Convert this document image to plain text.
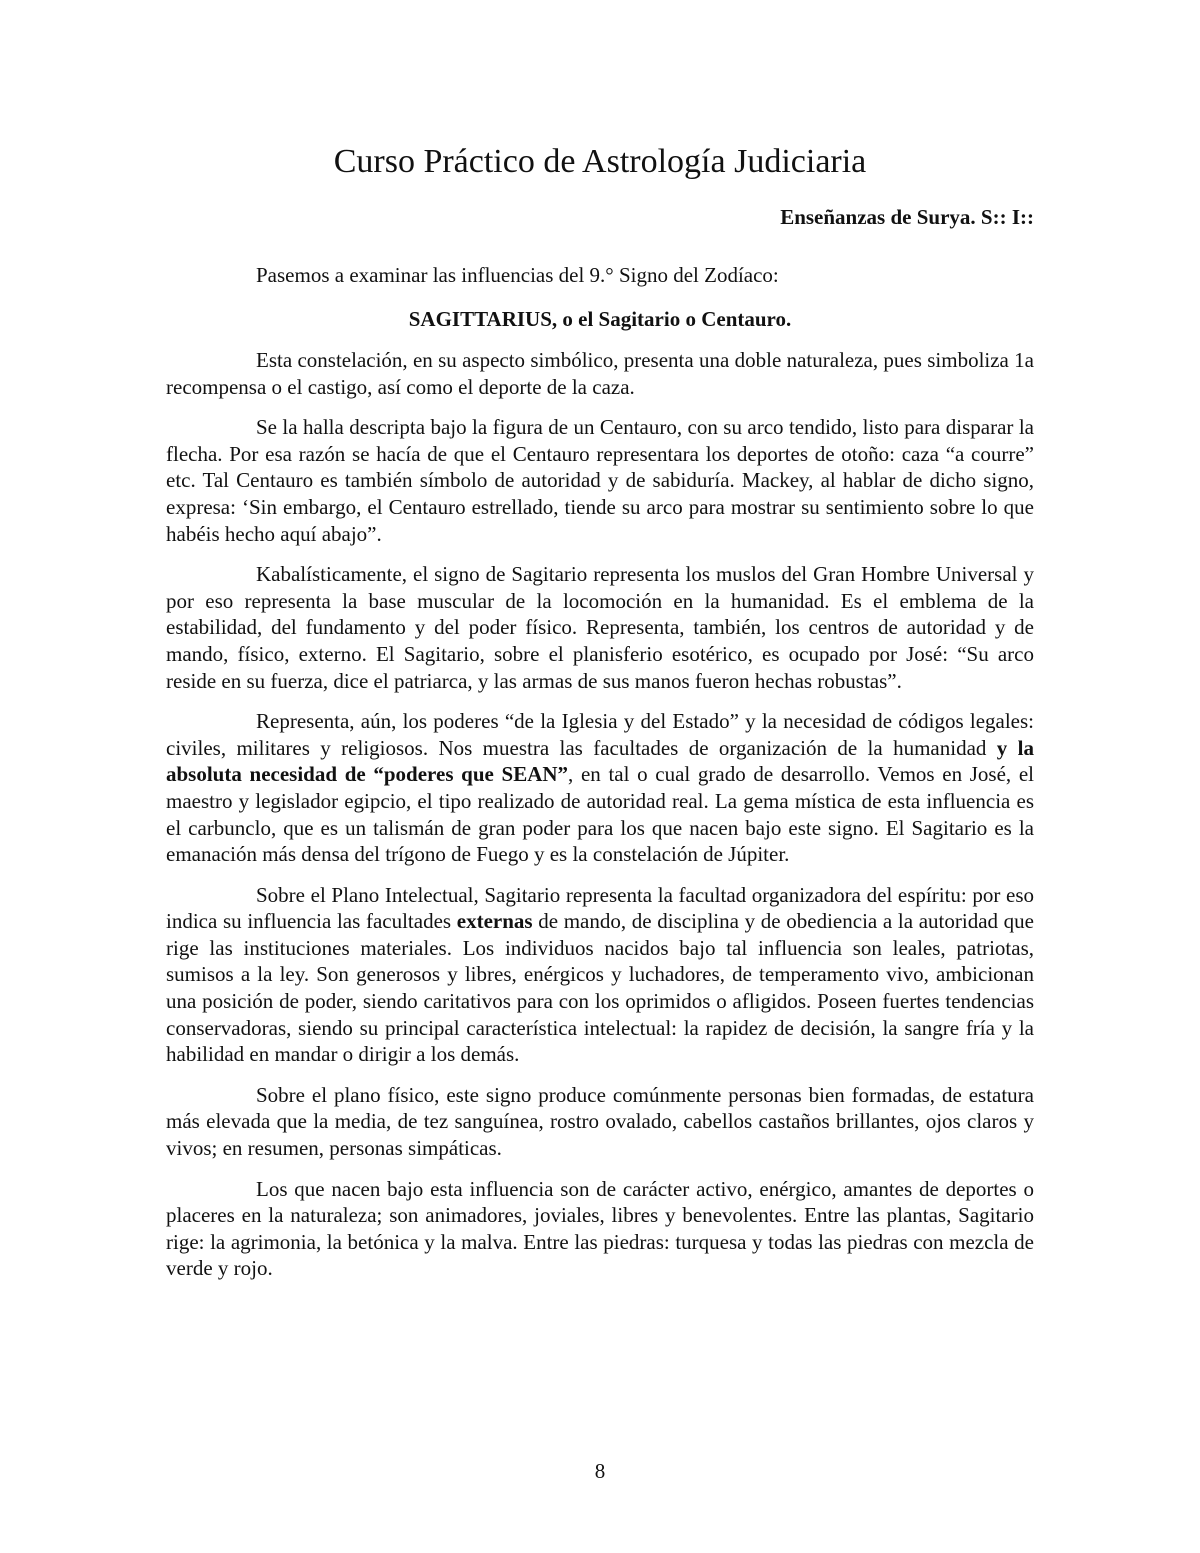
Curso Práctico de Astrología Judiciaria

Enseñanzas de Surya. S:: I::

Pasemos a examinar las influencias del 9.° Signo del Zodíaco:

SAGITTARIUS, o el Sagitario o Centauro.

Esta constelación, en su aspecto simbólico, presenta una doble naturaleza, pues simboliza 1a recompensa o el castigo, así como el deporte de la caza.

Se la halla descripta bajo la figura de un Centauro, con su arco tendido, listo para disparar la flecha. Por esa razón se hacía de que el Centauro representara los deportes de otoño: caza “a courre” etc. Tal Centauro es también símbolo de autoridad y de sabiduría. Mackey, al hablar de dicho signo, expresa: ‘Sin embargo, el Centauro estrellado, tiende su arco para mostrar su sentimiento sobre lo que habéis hecho aquí abajo”.

Kabalísticamente, el signo de Sagitario representa los muslos del Gran Hombre Universal y por eso representa la base muscular de la locomoción en la humanidad. Es el emblema de la estabilidad, del fundamento y del poder físico. Representa, también, los centros de autoridad y de mando, físico, externo. El Sagitario, sobre el planisferio esotérico, es ocupado por José: “Su arco reside en su fuerza, dice el patriarca, y las armas de sus manos fueron hechas robustas”.

Representa, aún, los poderes “de la Iglesia y del Estado” y la necesidad de códigos legales: civiles, militares y religiosos. Nos muestra las facultades de organización de la humanidad y la absoluta necesidad de “poderes que SEAN”, en tal o cual grado de desarrollo. Vemos en José, el maestro y legislador egipcio, el tipo realizado de autoridad real. La gema mística de esta influencia es el carbunclo, que es un talismán de gran poder para los que nacen bajo este signo. El Sagitario es la emanación más densa del trígono de Fuego y es la constelación de Júpiter.

Sobre el Plano Intelectual, Sagitario representa la facultad organizadora del espíritu: por eso indica su influencia las facultades externas de mando, de disciplina y de obediencia a la autoridad que rige las instituciones materiales. Los individuos nacidos bajo tal influencia son leales, patriotas, sumisos a la ley. Son generosos y libres, enérgicos y luchadores, de temperamento vivo, ambicionan una posición de poder, siendo caritativos para con los oprimidos o afligidos. Poseen fuertes tendencias conservadoras, siendo su principal característica intelectual: la rapidez de decisión, la sangre fría y la habilidad en mandar o dirigir a los demás.

Sobre el plano físico, este signo produce comúnmente personas bien formadas, de estatura más elevada que la media, de tez sanguínea, rostro ovalado, cabellos castaños brillantes, ojos claros y vivos; en resumen, personas simpáticas.

Los que nacen bajo esta influencia son de carácter activo, enérgico, amantes de deportes o placeres en la naturaleza; son animadores, joviales, libres y benevolentes. Entre las plantas, Sagitario rige: la agrimonia, la betónica y la malva. Entre las piedras: turquesa y todas las piedras con mezcla de verde y rojo.

8
